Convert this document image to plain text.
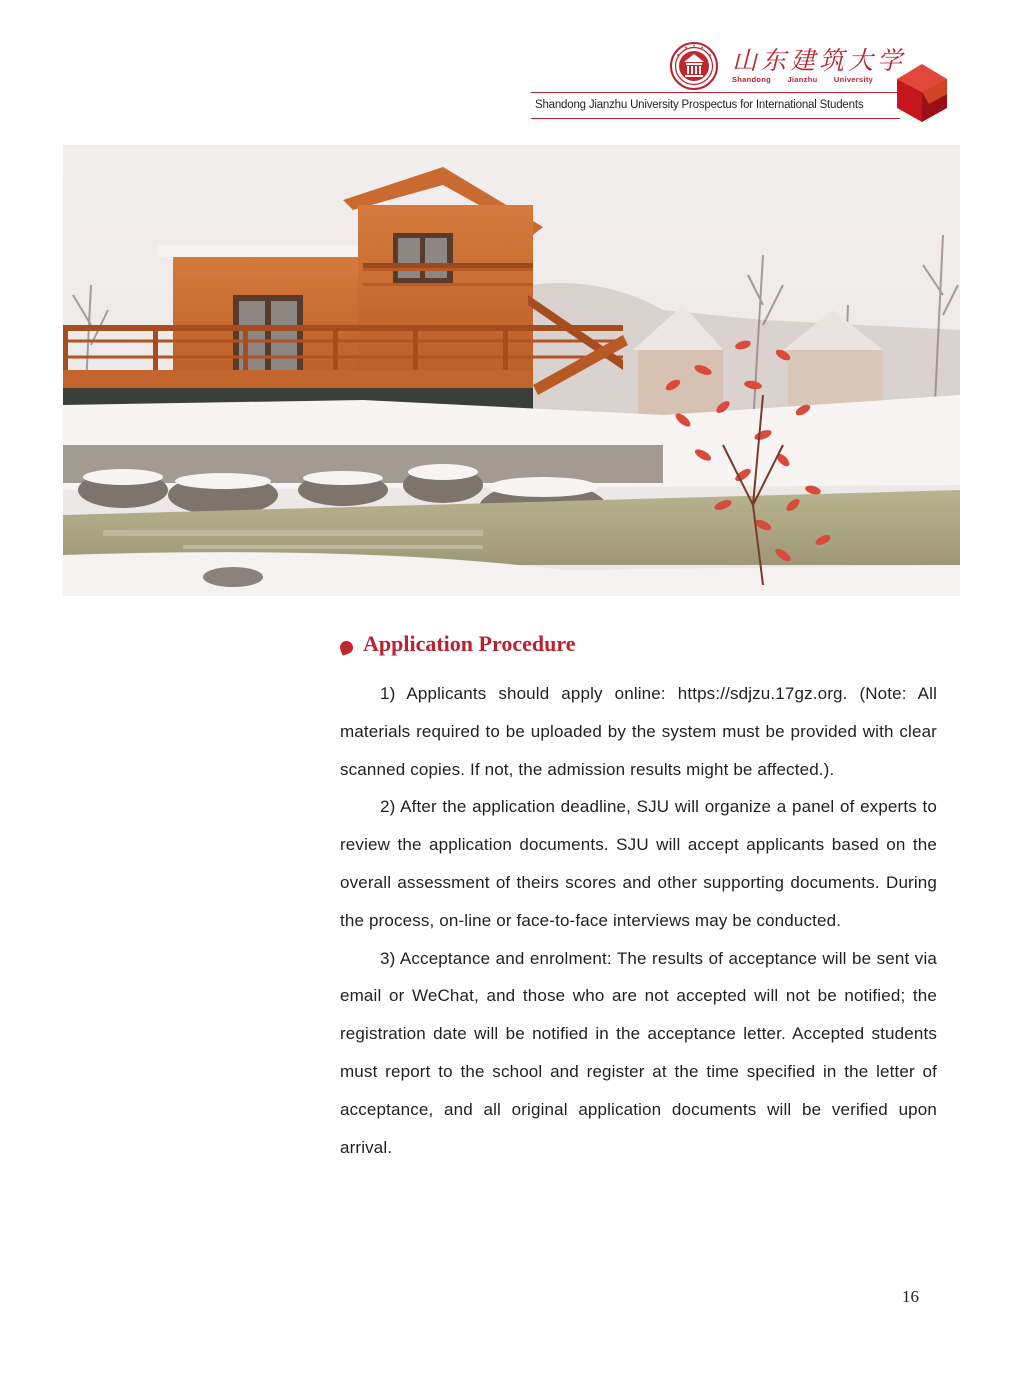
山东建筑大学
Shandong Jianzhu University
Shandong Jianzhu University Prospectus for International Students
Application Procedure

1) Applicants should apply online: https://sdjzu.17gz.org. (Note: All materials required to be uploaded by the system must be provided with clear scanned copies. If not, the admission results might be affected.).

2) After the application deadline, SJU will organize a panel of experts to review the application documents. SJU will accept applicants based on the overall assessment of theirs scores and other supporting documents. During the process, on-line or face-to-face interviews may be conducted.

3) Acceptance and enrolment: The results of acceptance will be sent via email or WeChat, and those who are not accepted will not be notified; the registration date will be notified in the acceptance letter. Accepted students must report to the school and register at the time specified in the letter of acceptance, and all original application documents will be verified upon arrival.

16
